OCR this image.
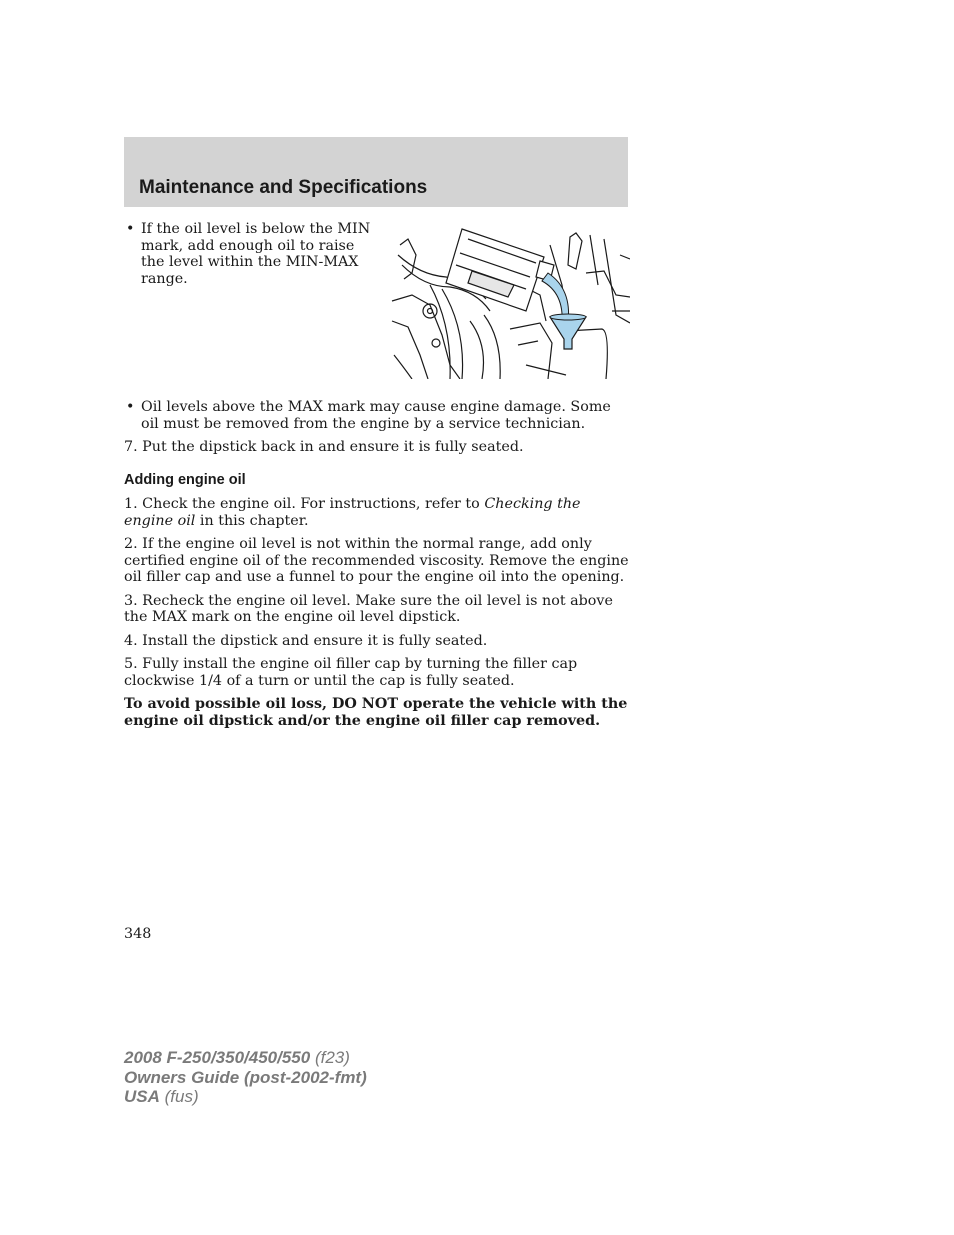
Maintenance and Specifications
• If the oil level is below the MIN mark, add enough oil to raise the level within the MIN-MAX range.
• Oil levels above the MAX mark may cause engine damage. Some oil must be removed from the engine by a service technician.

7. Put the dipstick back in and ensure it is fully seated.

Adding engine oil

1. Check the engine oil. For instructions, refer to Checking the engine oil in this chapter.

2. If the engine oil level is not within the normal range, add only certified engine oil of the recommended viscosity. Remove the engine oil filler cap and use a funnel to pour the engine oil into the opening.

3. Recheck the engine oil level. Make sure the oil level is not above the MAX mark on the engine oil level dipstick.

4. Install the dipstick and ensure it is fully seated.

5. Fully install the engine oil filler cap by turning the filler cap clockwise 1/4 of a turn or until the cap is fully seated.

To avoid possible oil loss, DO NOT operate the vehicle with the engine oil dipstick and/or the engine oil filler cap removed.

348
2008 F-250/350/450/550 (f23)
Owners Guide (post-2002-fmt)
USA (fus)
